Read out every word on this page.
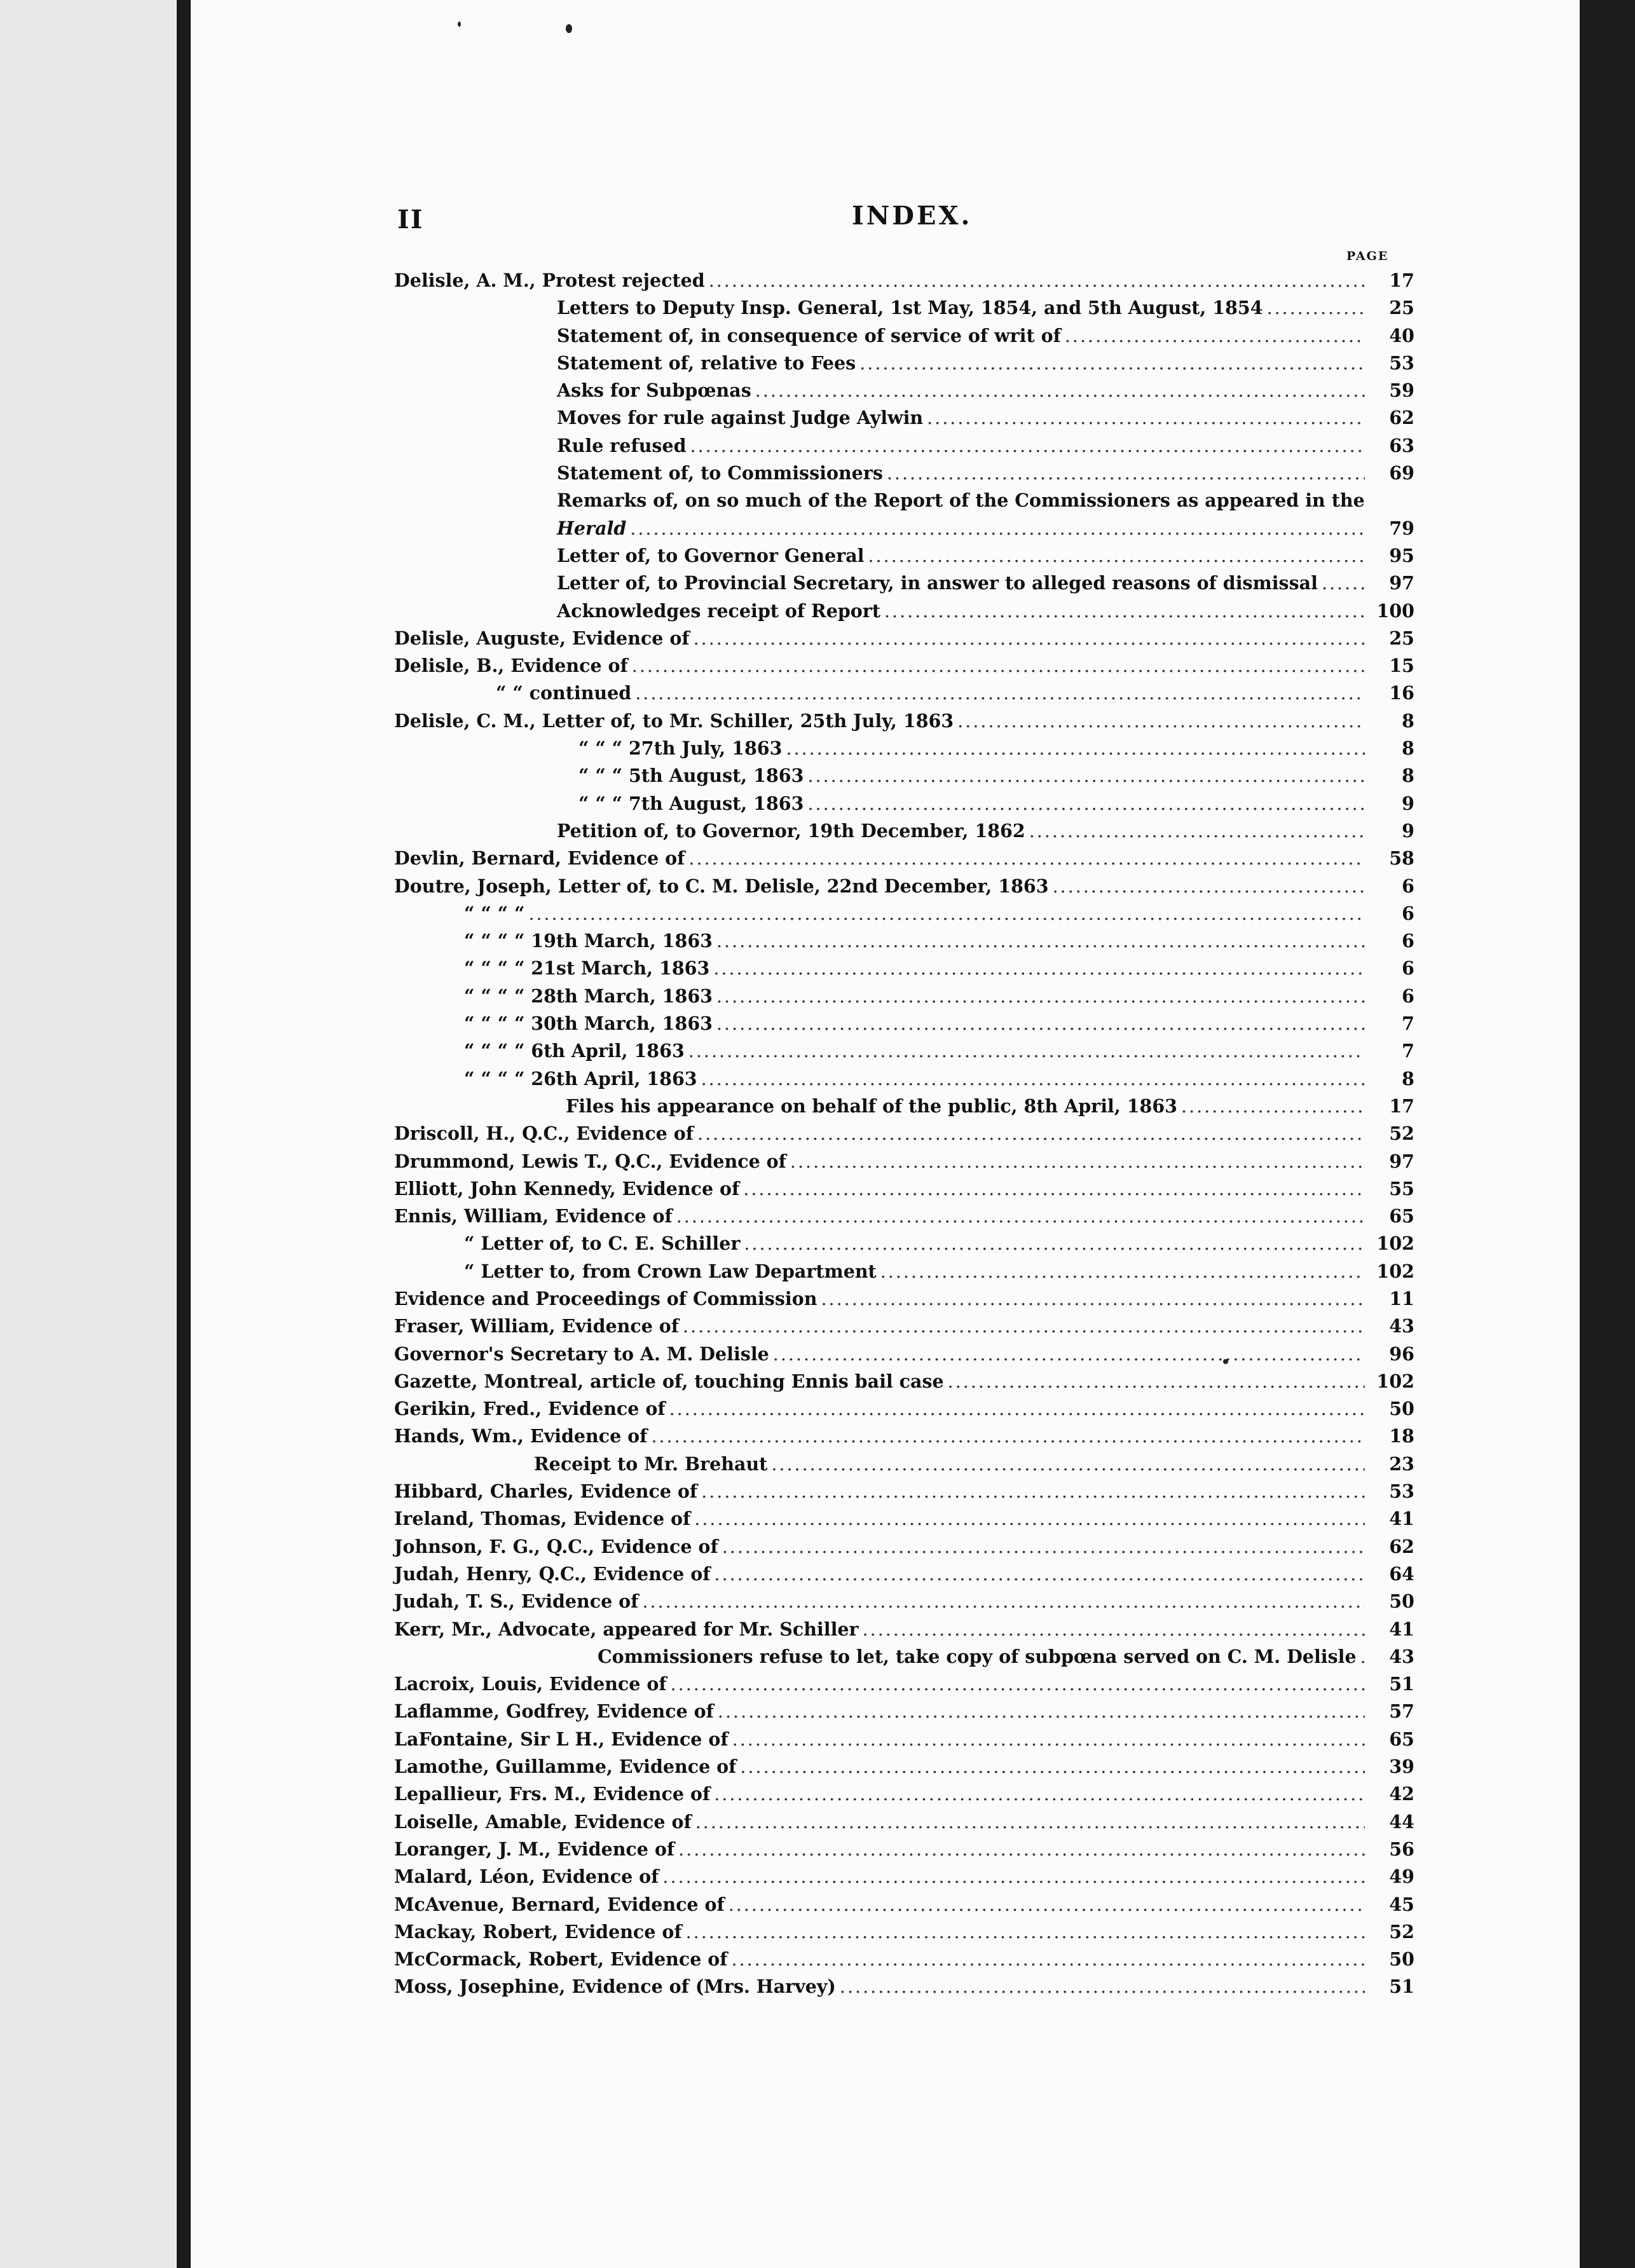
II	INDEX.
PAGE
Delisle, A. M., Protest rejected .....	17
Letters to Deputy Insp. General, 1st May, 1854, and 5th August, 1854 .....	25
Statement of, in consequence of service of writ of .....	40
Statement of, relative to Fees .....	53
Asks for Subpœnas .....	59
Moves for rule against Judge Aylwin .....	62
Rule refused .....	63
Statement of, to Commissioners .....	69
Remarks of, on so much of the Report of the Commissioners as appeared in the
Herald .....	79
Letter of, to Governor General .....	95
Letter of, to Provincial Secretary, in answer to alleged reasons of dismissal .....	97
Acknowledges receipt of Report .....	100
Delisle, Auguste, Evidence of .....	25
Delisle, B., Evidence of .....	15
“ “ continued .....	16
Delisle, C. M., Letter of, to Mr. Schiller, 25th July, 1863 .....	8
“ “ “ 27th July, 1863 .....	8
“ “ “ 5th August, 1863 .....	8
“ “ “ 7th August, 1863 .....	9
Petition of, to Governor, 19th December, 1862 .....	9
Devlin, Bernard, Evidence of .....	58
Doutre, Joseph, Letter of, to C. M. Delisle, 22nd December, 1863 .....	6
“ “ “ “ .....	6
“ “ “ “ 19th March, 1863 .....	6
“ “ “ “ 21st March, 1863 .....	6
“ “ “ “ 28th March, 1863 .....	6
“ “ “ “ 30th March, 1863 .....	7
“ “ “ “ 6th April, 1863 .....	7
“ “ “ “ 26th April, 1863 .....	8
Files his appearance on behalf of the public, 8th April, 1863 .....	17
Driscoll, H., Q.C., Evidence of .....	52
Drummond, Lewis T., Q.C., Evidence of .....	97
Elliott, John Kennedy, Evidence of .....	55
Ennis, William, Evidence of .....	65
“ Letter of, to C. E. Schiller .....	102
“ Letter to, from Crown Law Department .....	102
Evidence and Proceedings of Commission .....	11
Fraser, William, Evidence of .....	43
Governor's Secretary to A. M. Delisle .....	96
Gazette, Montreal, article of, touching Ennis bail case .....	102
Gerikin, Fred., Evidence of .....	50
Hands, Wm., Evidence of .....	18
Receipt to Mr. Brehaut .....	23
Hibbard, Charles, Evidence of .....	53
Ireland, Thomas, Evidence of .....	41
Johnson, F. G., Q.C., Evidence of .....	62
Judah, Henry, Q.C., Evidence of .....	64
Judah, T. S., Evidence of .....	50
Kerr, Mr., Advocate, appeared for Mr. Schiller .....	41
Commissioners refuse to let, take copy of subpœna served on C. M. Delisle .....	43
Lacroix, Louis, Evidence of .....	51
Laflamme, Godfrey, Evidence of .....	57
LaFontaine, Sir L H., Evidence of .....	65
Lamothe, Guillamme, Evidence of .....	39
Lepallieur, Frs. M., Evidence of .....	42
Loiselle, Amable, Evidence of .....	44
Loranger, J. M., Evidence of .....	56
Malard, Léon, Evidence of .....	49
McAvenue, Bernard, Evidence of .....	45
Mackay, Robert, Evidence of .....	52
McCormack, Robert, Evidence of .....	50
Moss, Josephine, Evidence of (Mrs. Harvey) .....	51
